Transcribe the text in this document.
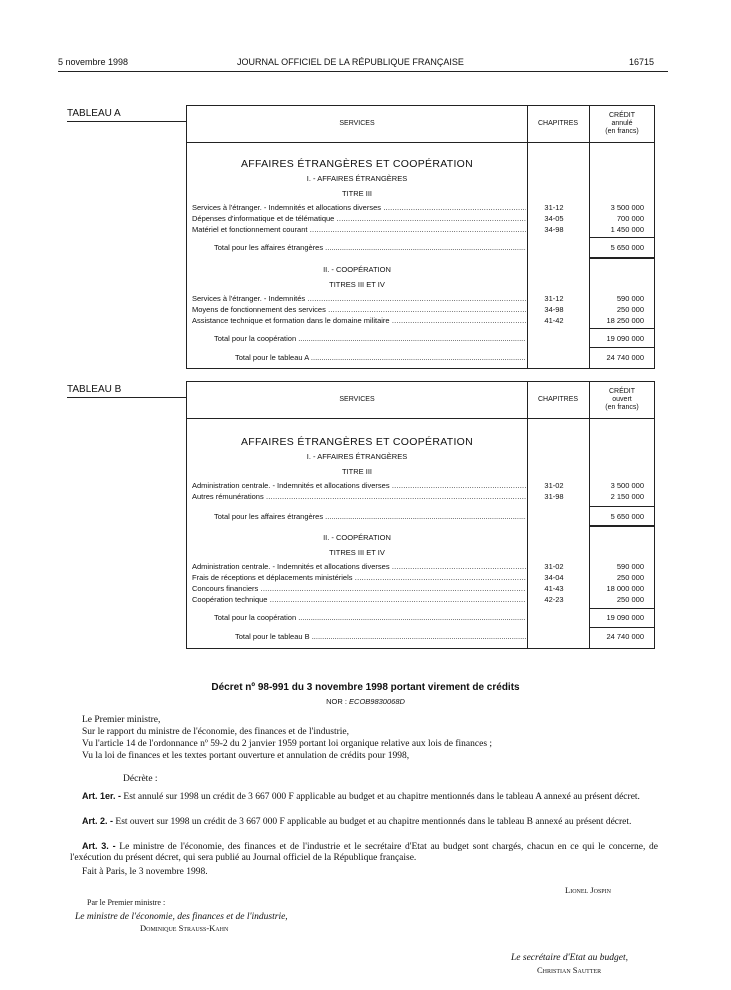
5 novembre 1998	JOURNAL OFFICIEL DE LA RÉPUBLIQUE FRANÇAISE	16715
TABLEAU A
SERVICES	CHAPITRES
CRÉDIT
annulé
(en francs)
AFFAIRES ÉTRANGÈRES ET COOPÉRATION
I. - AFFAIRES ÉTRANGÈRES
TITRE III
Services à l'étranger. - Indemnités et allocations diverses .....	31-12	3 500 000
Dépenses d'informatique et de télématique .....	34-05	700 000
Matériel et fonctionnement courant .....	34-98	1 450 000
Total pour les affaires étrangères .....	5 650 000
II. - COOPÉRATION
TITRES III ET IV
Services à l'étranger. - Indemnités .....	31-12	590 000
Moyens de fonctionnement des services .....	34-98	250 000
Assistance technique et formation dans le domaine militaire .....	41-42	18 250 000
Total pour la coopération .....	19 090 000
Total pour le tableau A .....	24 740 000
TABLEAU B
SERVICES	CHAPITRES
CRÉDIT
ouvert
(en francs)
AFFAIRES ÉTRANGÈRES ET COOPÉRATION
I. - AFFAIRES ÉTRANGÈRES
TITRE III
Administration centrale. - Indemnités et allocations diverses .....	31-02	3 500 000
Autres rémunérations .....	31-98	2 150 000
Total pour les affaires étrangères .....	5 650 000
II. - COOPÉRATION
TITRES III ET IV
Administration centrale. - Indemnités et allocations diverses .....	31-02	590 000
Frais de réceptions et déplacements ministériels .....	34-04	250 000
Concours financiers .....	41-43	18 000 000
Coopération technique .....	42-23	250 000
Total pour la coopération .....	19 090 000
Total pour le tableau B .....	24 740 000
Décret nº 98-991 du 3 novembre 1998 portant virement de crédits
NOR : ECOB9830068D
Le Premier ministre,
Sur le rapport du ministre de l'économie, des finances et de l'industrie,
Vu l'article 14 de l'ordonnance nº 59-2 du 2 janvier 1959 portant loi organique relative aux lois de finances ;
Vu la loi de finances et les textes portant ouverture et annulation de crédits pour 1998,
Décrète :
Art. 1er. - Est annulé sur 1998 un crédit de 3 667 000 F applicable au budget et au chapitre mentionnés dans le tableau A annexé au présent décret.
Art. 2. - Est ouvert sur 1998 un crédit de 3 667 000 F applicable au budget et au chapitre mentionnés dans le tableau B annexé au présent décret.
Art. 3. - Le ministre de l'économie, des finances et de l'industrie et le secrétaire d'Etat au budget sont chargés, chacun en ce qui le concerne, de l'exécution du présent décret, qui sera publié au Journal officiel de la République française.
Fait à Paris, le 3 novembre 1998.
Lionel Jospin
Par le Premier ministre :
Le ministre de l'économie, des finances et de l'industrie,
Dominique Strauss-Kahn
Le secrétaire d'Etat au budget,
Christian Sautter
